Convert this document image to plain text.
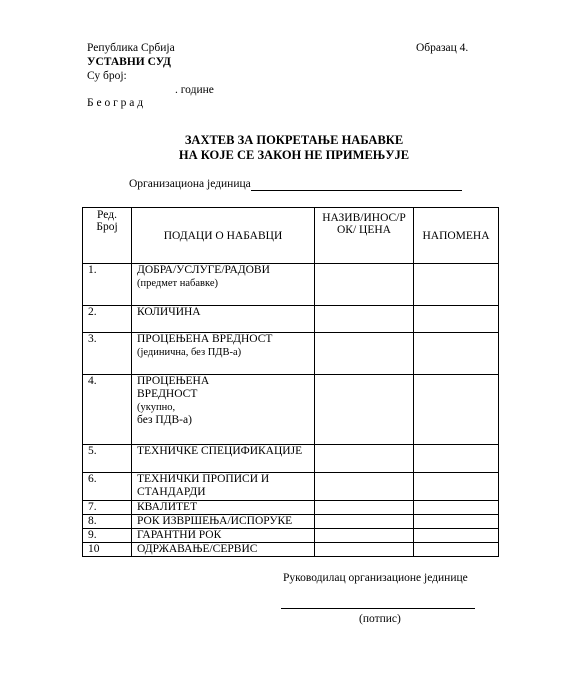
Република Србија
УСТАВНИ СУД
Су број:
. године
Б е о г р а д
Образац 4.
ЗАХТЕВ ЗА ПОКРЕТАЊЕ НАБАВКЕ
НА КОЈЕ СЕ ЗАКОН НЕ ПРИМЕЊУЈЕ
Организациона јединица
Ред. Број	ПОДАЦИ О НАБАВЦИ	НАЗИВ/ИНОС/Р ОК/ ЦЕНА	НАПОМЕНА
1.	ДОБРА/УСЛУГЕ/РАДОВИ
(предмет набавке)		

2.	КОЛИЧИНА		

3.	ПРОЦЕЊЕНА ВРЕДНОСТ
(јединична, без ПДВ-а)		

4.	ПРОЦЕЊЕНА
ВРЕДНОСТ
(укупно,
без ПДВ-а)		

5.	ТЕХНИЧКЕ СПЕЦИФИКАЦИЈЕ		

6.	ТЕХНИЧКИ ПРОПИСИ И
СТАНДАРДИ		

7.	КВАЛИТЕТ		

8.	РОК ИЗВРШЕЊА/ИСПОРУКЕ		

9.	ГАРАНТНИ РОК		

10	ОДРЖАВАЊЕ/СЕРВИС		

Руководилац организационе јединице
(потпис)
